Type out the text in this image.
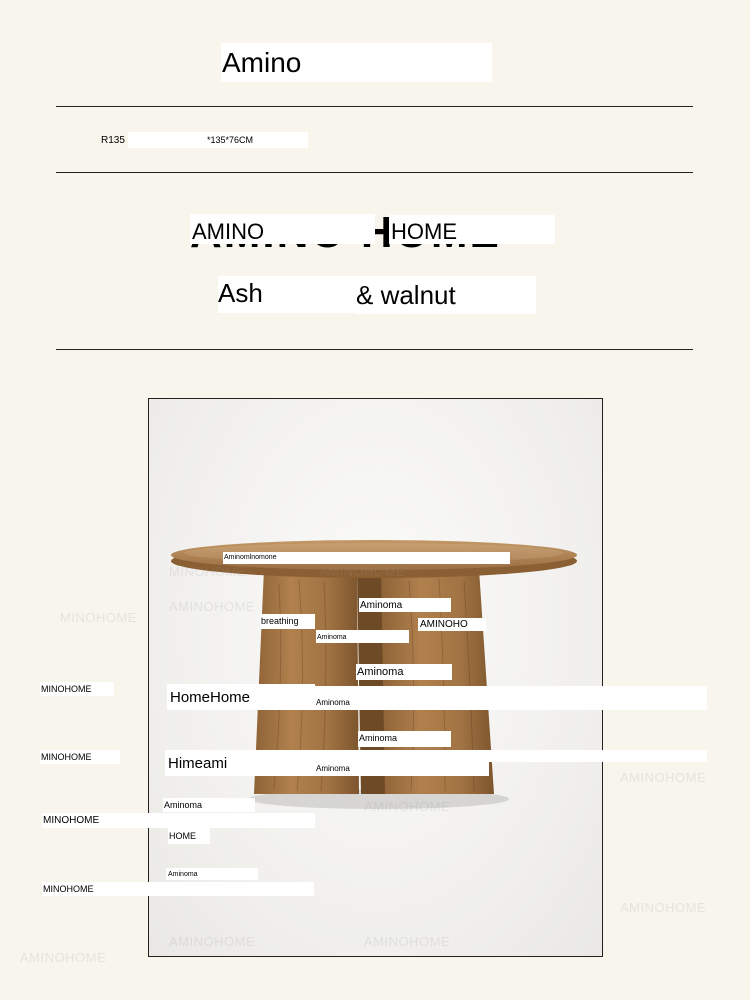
Amino
R135	*135*76CM
AMINO	HOME
Ash	& walnut
MINOHOME
AMINOHOME
AMINOHOME
AMINOHOME
MINOHOME	AMINOHOME
AMINOHOME
AMINOHOME
AMINOHOME	AMINOHOME
Aminomlnomone
Aminoma
breathing	AMINOHO
Aminoma
Aminoma
HomeHome	Aminoma
Aminoma
Himeami	Aminoma
Aminoma
HOME
Aminoma
MINOHOME
MINOHOME
MINOHOME
MINOHOME
